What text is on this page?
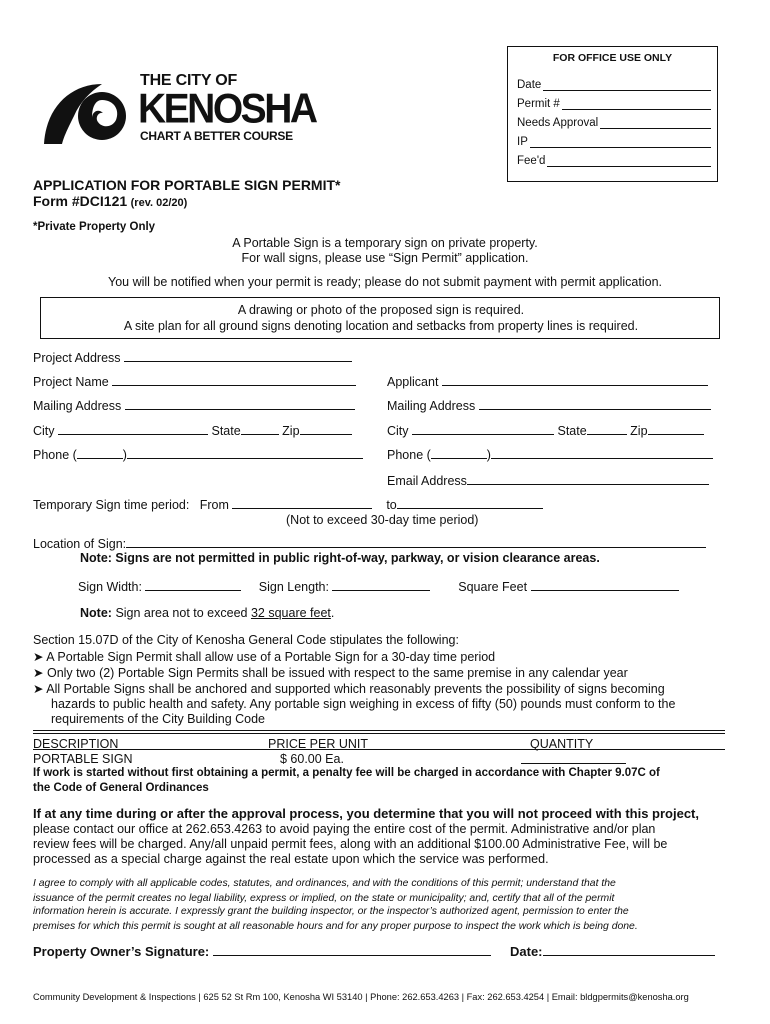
FOR OFFICE USE ONLY
Date
Permit #
Needs Approval
IP
Fee'd
THE CITY OF
KENOSHA
CHART A BETTER COURSE
APPLICATION FOR PORTABLE SIGN PERMIT*
Form #DCI121 (rev. 02/20)
*Private Property Only
A Portable Sign is a temporary sign on private property.
For wall signs, please use “Sign Permit” application.
You will be notified when your permit is ready; please do not submit payment with permit application.
A drawing or photo of the proposed sign is required.
A site plan for all ground signs denoting location and setbacks from property lines is required.
Project Address
Project Name
Mailing Address
City	State	Zip
Phone (	)
Applicant
Mailing Address
City	State	Zip
Phone (	)
Email Address
Temporary Sign time period: From	to
(Not to exceed 30-day time period)
Location of Sign:
Note: Signs are not permitted in public right-of-way, parkway, or vision clearance areas.
Sign Width:	Sign Length:	Square Feet
Note: Sign area not to exceed 32 square feet.
Section 15.07D of the City of Kenosha General Code stipulates the following:
➤ A Portable Sign Permit shall allow use of a Portable Sign for a 30-day time period
➤ Only two (2) Portable Sign Permits shall be issued with respect to the same premise in any calendar year
➤ All Portable Signs shall be anchored and supported which reasonably prevents the possibility of signs becoming
hazards to public health and safety. Any portable sign weighing in excess of fifty (50) pounds must conform to the
requirements of the City Building Code
DESCRIPTION	PRICE PER UNIT	QUANTITY
PORTABLE SIGN	$ 60.00 Ea.
If work is started without first obtaining a permit, a penalty fee will be charged in accordance with Chapter 9.07C of
the Code of General Ordinances
If at any time during or after the approval process, you determine that you will not proceed with this project,
please contact our office at 262.653.4263 to avoid paying the entire cost of the permit. Administrative and/or plan
review fees will be charged. Any/all unpaid permit fees, along with an additional $100.00 Administrative Fee, will be
processed as a special charge against the real estate upon which the service was performed.
I agree to comply with all applicable codes, statutes, and ordinances, and with the conditions of this permit; understand that the
issuance of the permit creates no legal liability, express or implied, on the state or municipality; and, certify that all of the permit
information herein is accurate. I expressly grant the building inspector, or the inspector’s authorized agent, permission to enter the
premises for which this permit is sought at all reasonable hours and for any proper purpose to inspect the work which is being done.
Property Owner’s Signature:	Date:
Community Development & Inspections | 625 52 St Rm 100, Kenosha WI 53140 | Phone: 262.653.4263 | Fax: 262.653.4254 | Email: bldgpermits@kenosha.org
